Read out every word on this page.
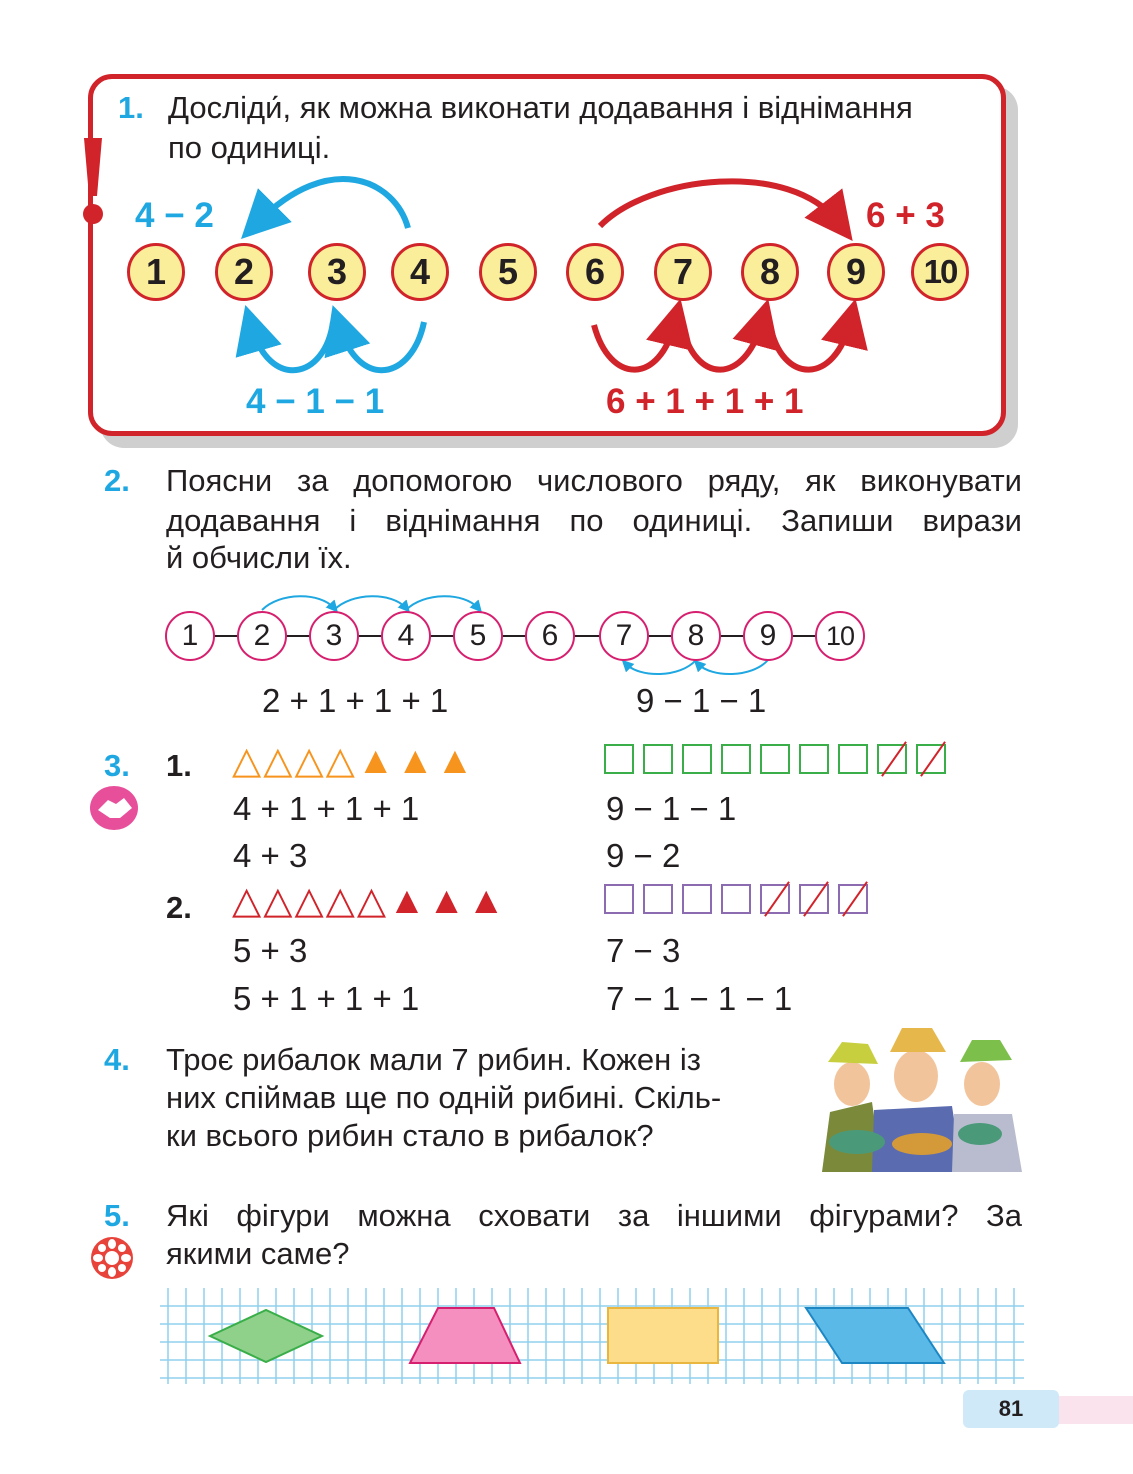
1. Досліди́, як можна виконати додавання і віднімання
по одиниці.
4 − 2	6 + 3
1	2	3	4	5	6	7	8	9	10
4 − 1 − 1	6 + 1 + 1 + 1
2. Поясни за допомогою числового ряду, як виконувати
додавання і віднімання по одиниці. Запиши вирази
й обчисли їх.
1	2	3	4	5	6	7	8	9	10
2 + 1 + 1 + 1	9 − 1 − 1
3. 1. △△△△▲▲▲
4 + 1 + 1 + 1
4 + 3
9 − 1 − 1
9 − 2
2. △△△△△▲▲▲
5 + 3
5 + 1 + 1 + 1
7 − 3
7 − 1 − 1 − 1
4. Троє рибалок мали 7 рибин. Кожен із
них спіймав ще по одній рибині. Скіль-
ки всього рибин стало в рибалок?
5. Які фігури можна сховати за іншими фігурами? За
якими саме?
81
